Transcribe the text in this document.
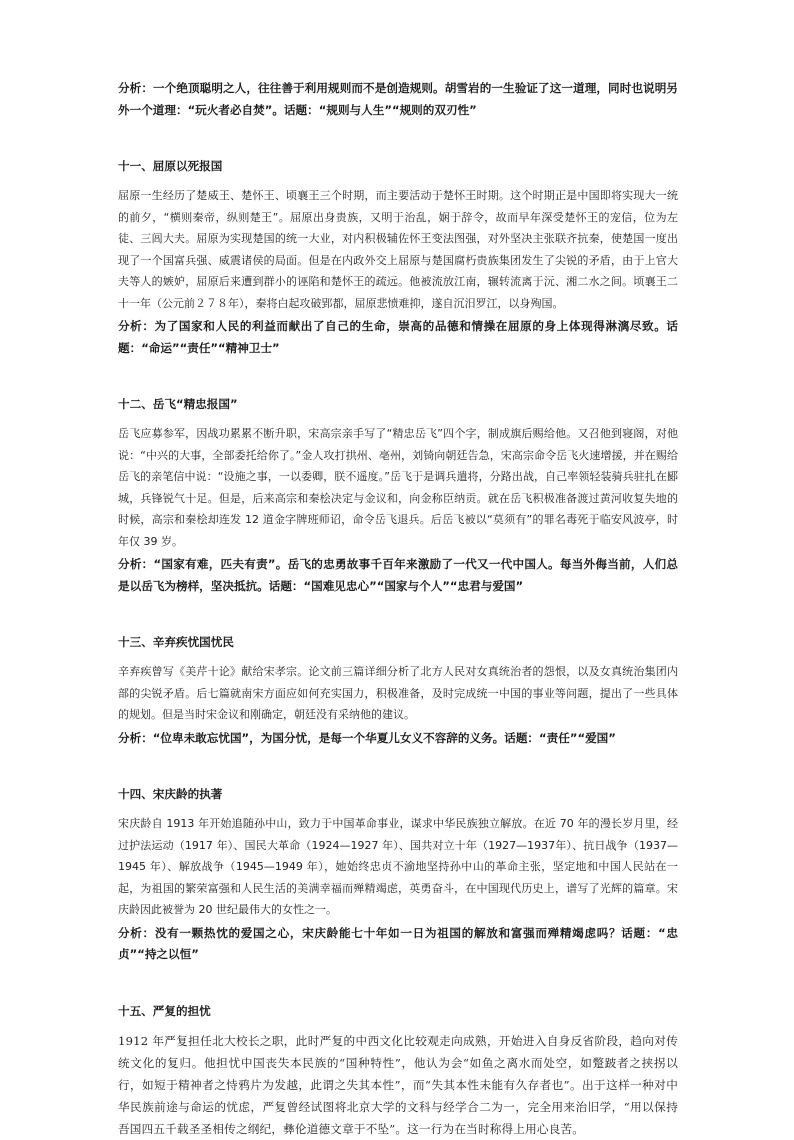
分析：一个绝顶聪明之人，往往善于利用规则而不是创造规则。胡雪岩的一生验证了这一道理，同时也说明另外一个道理：“玩火者必自焚”。话题：“规则与人生”“规则的双刃性”

十一、屈原以死报国

屈原一生经历了楚威王、楚怀王、顷襄王三个时期，而主要活动于楚怀王时期。这个时期正是中国即将实现大一统的前夕，“横则秦帝，纵则楚王”。屈原出身贵族，又明于治乱，娴于辞令，故而早年深受楚怀王的宠信，位为左徒、三闾大夫。屈原为实现楚国的统一大业，对内积极辅佐怀王变法图强，对外坚决主张联齐抗秦，使楚国一度出现了一个国富兵强、威震诸侯的局面。但是在内政外交上屈原与楚国腐朽贵族集团发生了尖锐的矛盾，由于上官大夫等人的嫉妒，屈原后来遭到群小的诬陷和楚怀王的疏远。他被流放江南，辗转流离于沅、湘二水之间。顷襄王二十一年（公元前２７８年），秦将白起攻破郢都，屈原悲愤难抑，遂自沉汨罗江，以身殉国。

分析：为了国家和人民的利益而献出了自己的生命，崇高的品德和情操在屈原的身上体现得淋漓尽致。话题：“命运”“责任”“精神卫士”

十二、岳飞“精忠报国”

岳飞应募参军，因战功累累不断升职，宋高宗亲手写了“精忠岳飞”四个字，制成旗后赐给他。又召他到寝阁，对他说：“中兴的大事，全部委托给你了。”金人攻打拱州、亳州，刘锜向朝廷告急，宋高宗命令岳飞火速增援，并在赐给岳飞的亲笔信中说：“设施之事，一以委卿，朕不遥度。”岳飞于是调兵遣将，分路出战，自己率领轻装骑兵驻扎在郾城，兵锋锐气十足。但是，后来高宗和秦桧决定与金议和，向金称臣纳贡。就在岳飞积极准备渡过黄河收复失地的时候，高宗和秦桧却连发 12 道金字牌班师诏，命令岳飞退兵。后岳飞被以“莫须有”的罪名毒死于临安风波亭，时年仅 39 岁。

分析：“国家有难，匹夫有责”。岳飞的忠勇故事千百年来激励了一代又一代中国人。每当外侮当前，人们总是以岳飞为榜样，坚决抵抗。话题：“国难见忠心”“国家与个人”“忠君与爱国”

十三、辛弃疾忧国忧民

辛弃疾曾写《美芹十论》献给宋孝宗。论文前三篇详细分析了北方人民对女真统治者的怨恨，以及女真统治集团内部的尖锐矛盾。后七篇就南宋方面应如何充实国力，积极准备，及时完成统一中国的事业等问题，提出了一些具体的规划。但是当时宋金议和刚确定，朝廷没有采纳他的建议。

分析：“位卑未敢忘忧国”，为国分忧，是每一个华夏儿女义不容辞的义务。话题：“责任”“爱国”

十四、宋庆龄的执著

宋庆龄自 1913 年开始追随孙中山，致力于中国革命事业，谋求中华民族独立解放。在近 70 年的漫长岁月里，经过护法运动（1917 年）、国民大革命（1924—1927 年）、国共对立十年（1927—1937年）、抗日战争（1937—1945 年）、解放战争（1945—1949 年），她始终忠贞不渝地坚持孙中山的革命主张，坚定地和中国人民站在一起，为祖国的繁荣富强和人民生活的美满幸福而殚精竭虑，英勇奋斗，在中国现代历史上，谱写了光辉的篇章。宋庆龄因此被誉为 20 世纪最伟大的女性之一。

分析：没有一颗热忱的爱国之心，宋庆龄能七十年如一日为祖国的解放和富强而殚精竭虑吗？话题：“忠贞”“持之以恒”

十五、严复的担忧

1912 年严复担任北大校长之职，此时严复的中西文化比较观走向成熟，开始进入自身反省阶段，趋向对传统文化的复归。他担忧中国丧失本民族的“国种特性”，他认为会“如鱼之离水而处空，如蹩跛者之挟拐以行，如短于精神者之恃鸦片为发越，此谓之失其本性”，而“失其本性未能有久存者也”。出于这样一种对中华民族前途与命运的忧虑，严复曾经试图将北京大学的文科与经学合二为一，完全用来治旧学，“用以保持吾国四五千载圣圣相传之纲纪，彝伦道德文章于不坠”。这一行为在当时称得上用心良苦。
